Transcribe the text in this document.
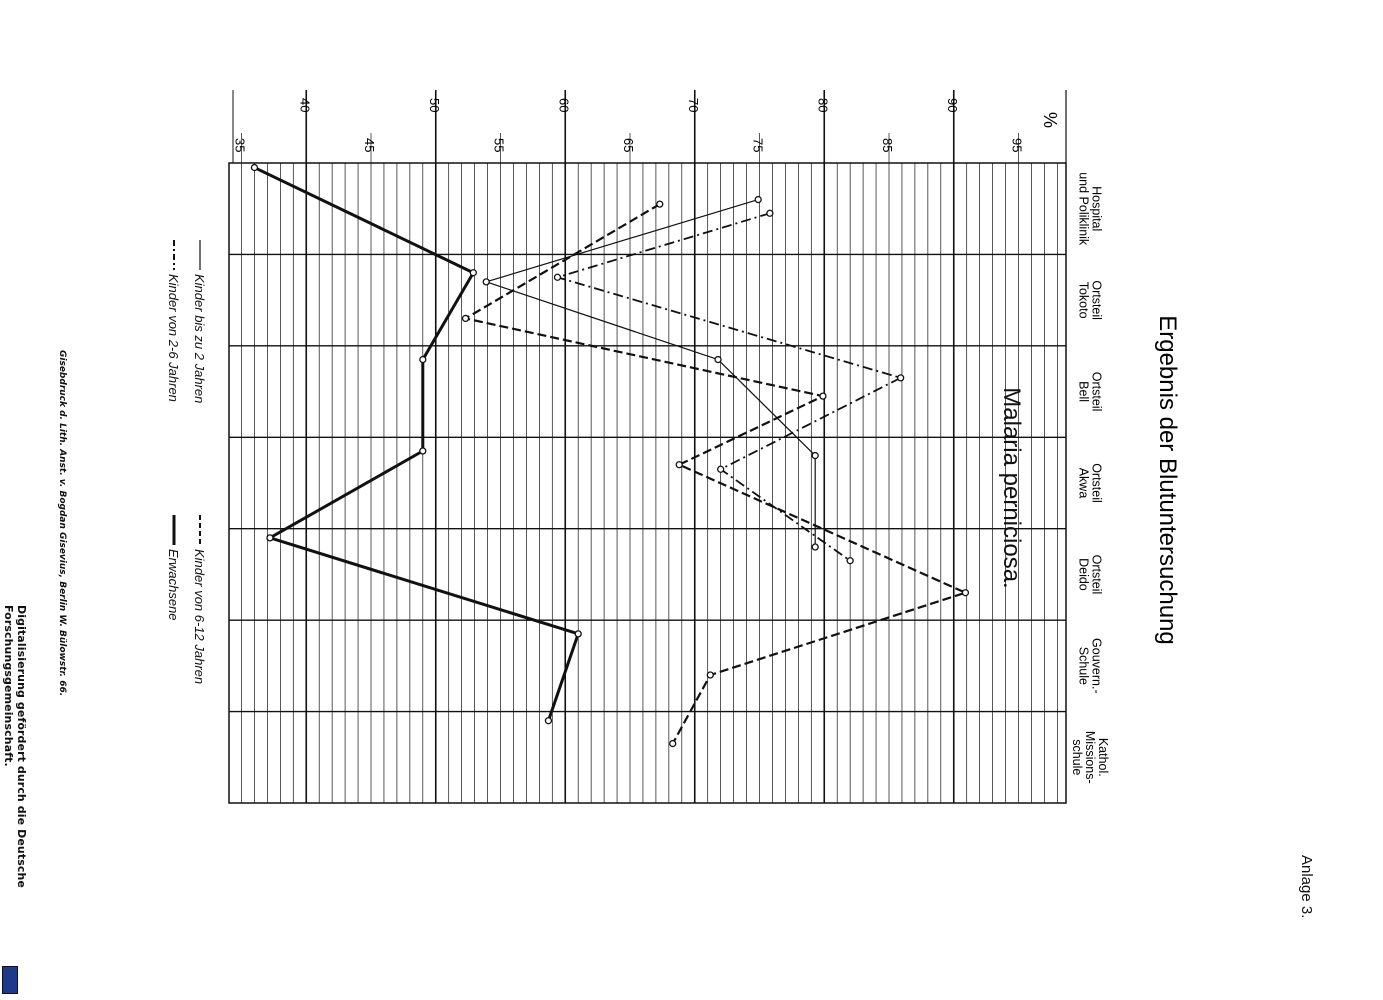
40	50	60	70	80	90
35	45	55	65	75	85	95
%
Hospital
und Poliklinik
Ortsteil
Tokoto
Ortsteil
Bell
Ortsteil
Akwa
Ortsteil
Deido
Gouvern.-
Schule
Kathol.
Missions-
schule
Ergebnis der Blutuntersuchung
Malaria perniciosa.
Kinder bis zu 2 Jahren
Kinder von 2-6 Jahren
Kinder von 6-12 Jahren
Erwachsene
Anlage 3.
Gisebdruck d. Lith. Anst. v. Bogdan Gisevius, Berlin W. Bülowstr. 66.
Digitalisierung gefördert durch die Deutsche Forschungsgemeinschaft.
